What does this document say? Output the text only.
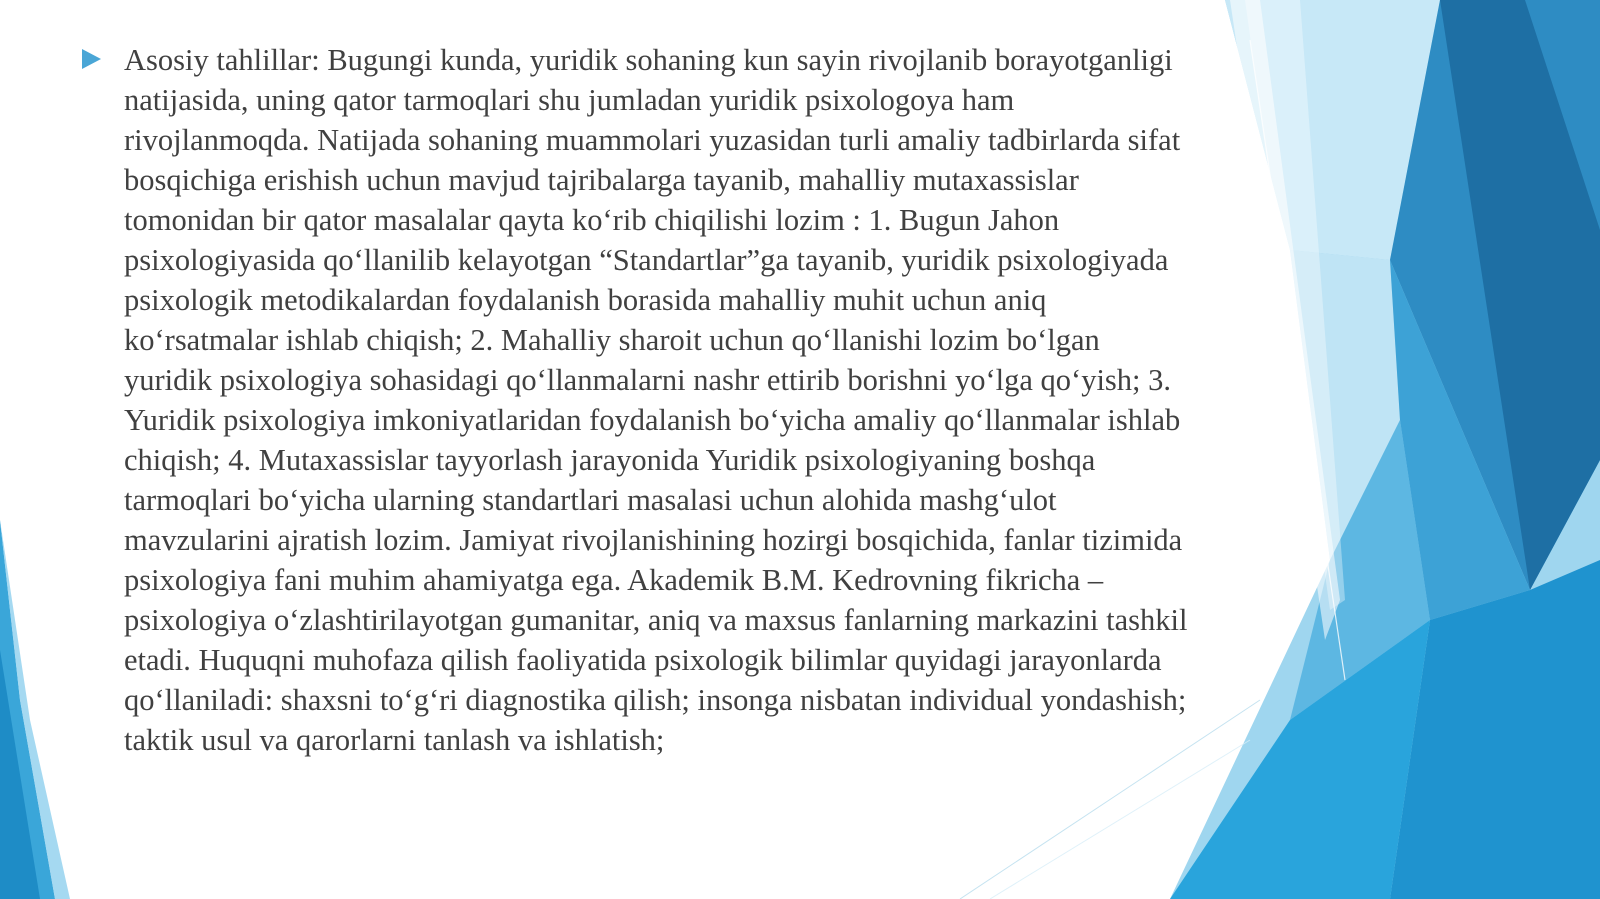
Asosiy tahlillar: Bugungi kunda, yuridik sohaning kun sayin rivojlanib borayotganligi natijasida, uning qator tarmoqlari shu jumladan yuridik psixologoya ham rivojlanmoqda. Natijada sohaning muammolari yuzasidan turli amaliy tadbirlarda sifat bosqichiga erishish uchun mavjud tajribalarga tayanib, mahalliy mutaxassislar tomonidan bir qator masalalar qayta ko‘rib chiqilishi lozim : 1. Bugun Jahon psixologiyasida qo‘llanilib kelayotgan “Standartlar”ga tayanib, yuridik psixologiyada psixologik metodikalardan foydalanish borasida mahalliy muhit uchun aniq ko‘rsatmalar ishlab chiqish; 2. Mahalliy sharoit uchun qo‘llanishi lozim bo‘lgan yuridik psixologiya sohasidagi qo‘llanmalarni nashr ettirib borishni yo‘lga qo‘yish; 3. Yuridik psixologiya imkoniyatlaridan foydalanish bo‘yicha amaliy qo‘llanmalar ishlab chiqish; 4. Mutaxassislar tayyorlash jarayonida Yuridik psixologiyaning boshqa tarmoqlari bo‘yicha ularning standartlari masalasi uchun alohida mashg‘ulot mavzularini ajratish lozim. Jamiyat rivojlanishining hozirgi bosqichida, fanlar tizimida psixologiya fani muhim ahamiyatga ega. Akademik B.M. Kedrovning fikricha – psixologiya o‘zlashtirilayotgan gumanitar, aniq va maxsus fanlarning markazini tashkil etadi. Huquqni muhofaza qilish faoliyatida psixologik bilimlar quyidagi jarayonlarda qo‘llaniladi: shaxsni to‘g‘ri diagnostika qilish; insonga nisbatan individual yondashish; taktik usul va qarorlarni tanlash va ishlatish;
